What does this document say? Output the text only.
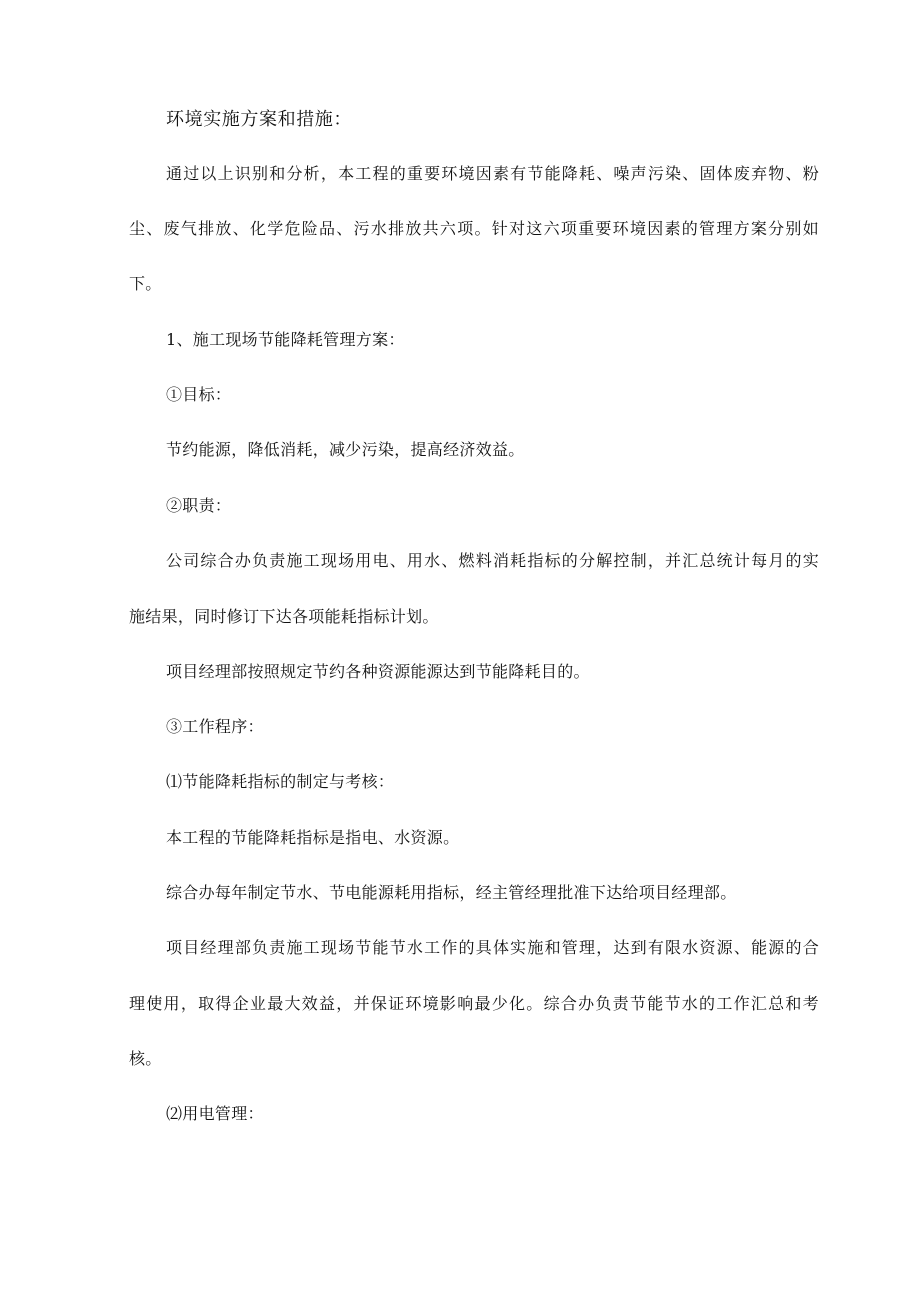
环境实施方案和措施：
通过以上识别和分析，本工程的重要环境因素有节能降耗、噪声污染、固体废弃物、粉
尘、废气排放、化学危险品、污水排放共六项。针对这六项重要环境因素的管理方案分别如
下。
1、施工现场节能降耗管理方案：
①目标：
节约能源，降低消耗，减少污染，提高经济效益。
②职责：
公司综合办负责施工现场用电、用水、燃料消耗指标的分解控制，并汇总统计每月的实
施结果，同时修订下达各项能耗指标计划。
项目经理部按照规定节约各种资源能源达到节能降耗目的。
③工作程序：
⑴节能降耗指标的制定与考核：
本工程的节能降耗指标是指电、水资源。
综合办每年制定节水、节电能源耗用指标，经主管经理批准下达给项目经理部。
项目经理部负责施工现场节能节水工作的具体实施和管理，达到有限水资源、能源的合
理使用，取得企业最大效益，并保证环境影响最少化。综合办负责节能节水的工作汇总和考
核。
⑵用电管理：
